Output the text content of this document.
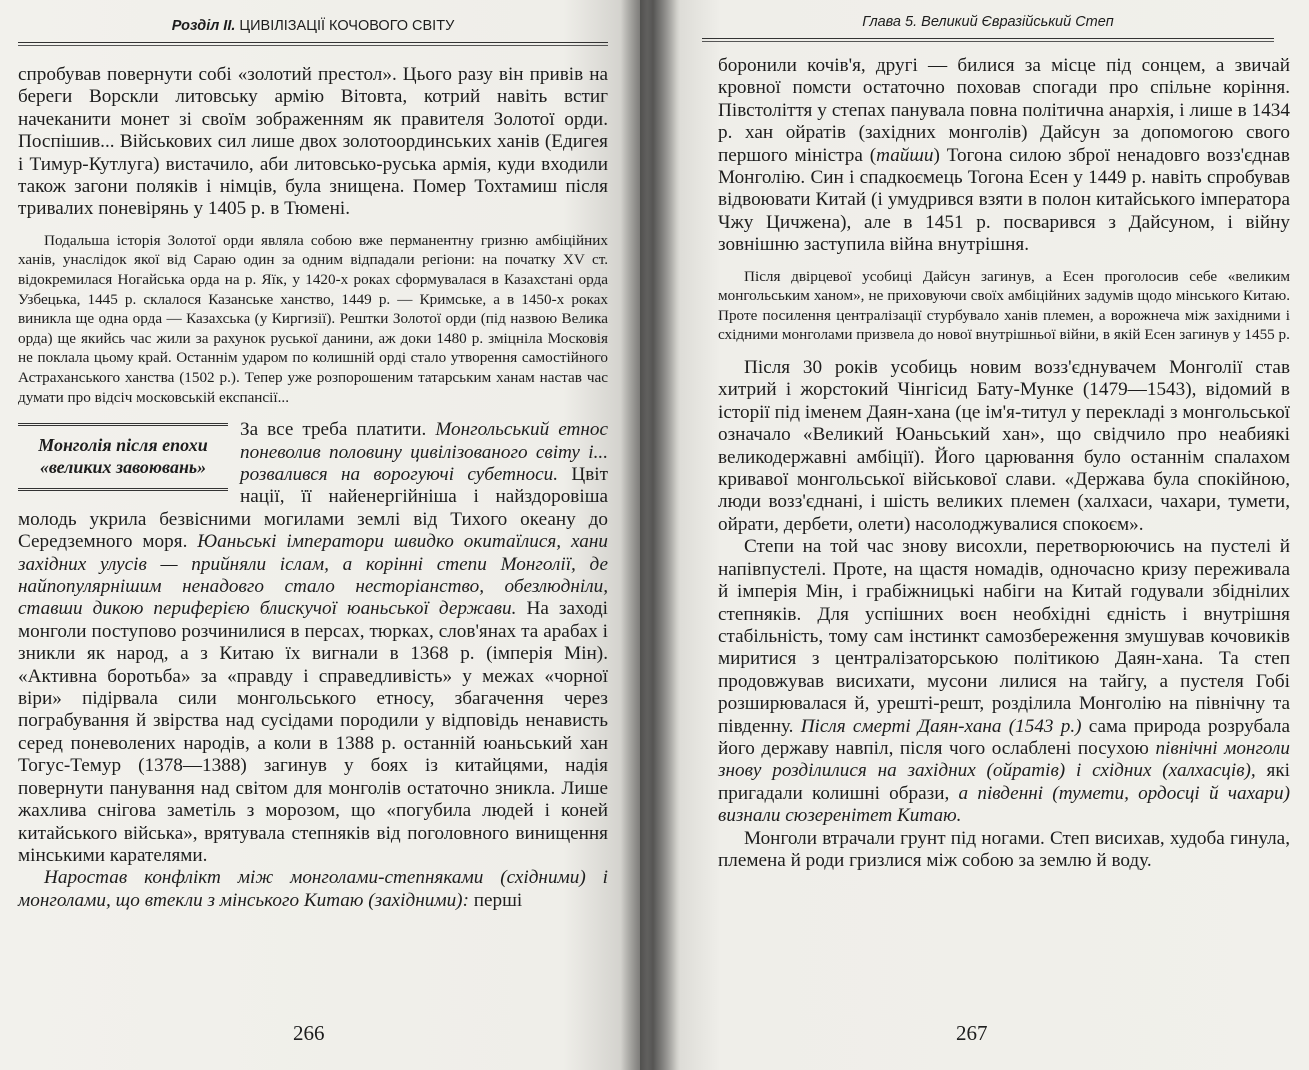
Розділ II. ЦИВІЛІЗАЦІЇ КОЧОВОГО СВІТУ

спробував повернути собі «золотий престол». Цього разу він привів на береги Ворскли литовську армію Вітовта, котрий навіть встиг начеканити монет зі своїм зображенням як правителя Золотої орди. Поспішив... Військових сил лише двох золотоординських ханів (Едигея і Тимур-Кутлуга) вистачило, аби литовсько-руська армія, куди входили також загони поляків і німців, була знищена. Помер Тохтамиш після тривалих поневірянь у 1405 р. в Тюмені.

Подальша історія Золотої орди являла собою вже перманентну гризню амбіційних ханів, унаслідок якої від Сараю один за одним відпадали регіони: на початку XV ст. відокремилася Ногайська орда на р. Яїк, у 1420-х роках сформувалася в Казахстані орда Узбецька, 1445 р. склалося Казанське ханство, 1449 р. — Кримське, а в 1450-х роках виникла ще одна орда — Казахська (у Киргизії). Рештки Золотої орди (під назвою Велика орда) ще якийсь час жили за рахунок руської данини, аж доки 1480 р. зміцніла Московія не поклала цьому край. Останнім ударом по колишній орді стало утворення самостійного Астраханського ханства (1502 р.). Тепер уже розпорошеним татарським ханам настав час думати про відсіч московській експансії...

Монголія після епохи «великих завоювань»

За все треба платити. Монгольський етнос поневолив половину цивілізованого світу і... розвалився на ворогуючі субетноси. Цвіт нації, її найенергійніша і найздоровіша молодь укрила безвісними могилами землі від Тихого океану до Середземного моря. Юаньські імператори швидко окитаїлися, хани західних улусів — прийняли іслам, а корінні степи Монголії, де найпопулярнішим ненадовго стало несторіанство, обезлюдніли, ставши дикою периферією блискучої юаньської держави. На заході монголи поступово розчинилися в персах, тюрках, слов'янах та арабах і зникли як народ, а з Китаю їх вигнали в 1368 р. (імперія Мін). «Активна боротьба» за «правду і справедливість» у межах «чорної віри» підірвала сили монгольського етносу, збагачення через пограбування й звірства над сусідами породили у відповідь ненависть серед поневолених народів, а коли в 1388 р. останній юаньський хан Тогус-Темур (1378—1388) загинув у боях із китайцями, надія повернути панування над світом для монголів остаточно зникла. Лише жахлива снігова заметіль з морозом, що «погубила людей і коней китайського війська», врятувала степняків від поголовного винищення мінськими карателями.

Наростав конфлікт між монголами-степняками (східними) і монголами, що втекли з мінського Китаю (західними): перші

266
Глава 5. Великий Євразійський Степ

боронили кочів'я, другі — билися за місце під сонцем, а звичай кровної помсти остаточно поховав спогади про спільне коріння. Півстоліття у степах панувала повна політична анархія, і лише в 1434 р. хан ойратів (західних монголів) Дайсун за допомогою свого першого міністра (тайши) Тогона силою зброї ненадовго возз'єднав Монголію. Син і спадкоємець Тогона Есен у 1449 р. навіть спробував відвоювати Китай (і умудрився взяти в полон китайського імператора Чжу Цичжена), але в 1451 р. посварився з Дайсуном, і війну зовнішню заступила війна внутрішня.

Після двірцевої усобиці Дайсун загинув, а Есен проголосив себе «великим монгольським ханом», не приховуючи своїх амбіційних задумів щодо мінського Китаю. Проте посилення централізації стурбувало ханів племен, а ворожнеча між західними і східними монголами призвела до нової внутрішньої війни, в якій Есен загинув у 1455 р.

Після 30 років усобиць новим возз'єднувачем Монголії став хитрий і жорстокий Чінгісид Бату-Мунке (1479—1543), відомий в історії під іменем Даян-хана (це ім'я-титул у перекладі з монгольської означало «Великий Юаньський хан», що свідчило про неабиякі великодержавні амбіції). Його царювання було останнім спалахом кривавої монгольської військової слави. «Держава була спокійною, люди возз'єднані, і шість великих племен (халхаси, чахари, тумети, ойрати, дербети, олети) насолоджувалися спокоєм».

Степи на той час знову висохли, перетворюючись на пустелі й напівпустелі. Проте, на щастя номадів, одночасно кризу переживала й імперія Мін, і грабіжницькі набіги на Китай годували збіднілих степняків. Для успішних воєн необхідні єдність і внутрішня стабільність, тому сам інстинкт самозбереження змушував кочовиків миритися з централізаторською політикою Даян-хана. Та степ продовжував висихати, мусони лилися на тайгу, а пустеля Гобі розширювалася й, урешті-решт, розділила Монголію на північну та південну. Після смерті Даян-хана (1543 р.) сама природа розрубала його державу навпіл, після чого ослаблені посухою північні монголи знову розділилися на західних (ойратів) і східних (халхасців), які пригадали колишні образи, а південні (тумети, ордосці й чахари) визнали сюзеренітет Китаю.

Монголи втрачали грунт під ногами. Степ висихав, худоба гинула, племена й роди гризлися між собою за землю й воду.

267
